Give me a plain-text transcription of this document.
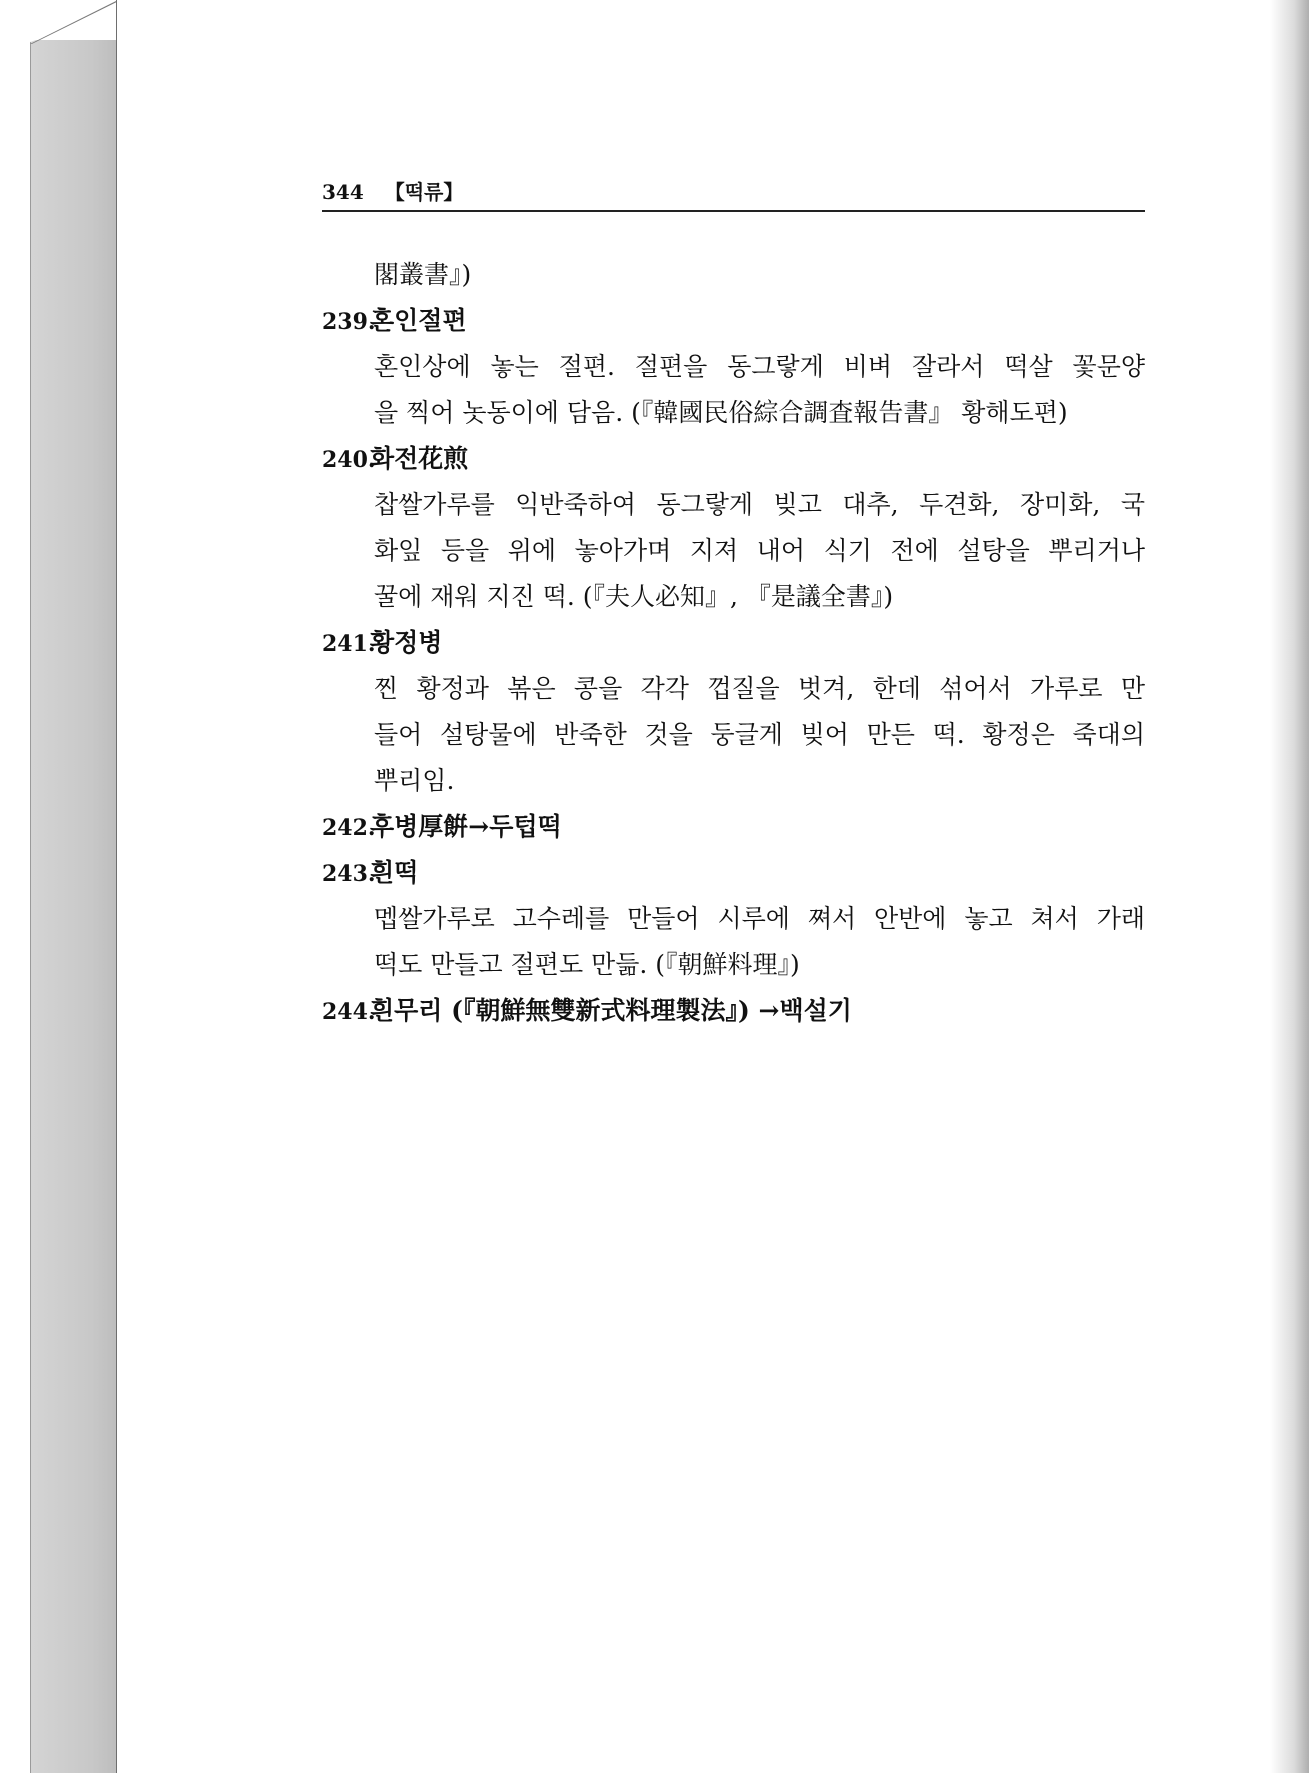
344 【떡류】
閣叢書』)
239.혼인절편
혼인상에 놓는 절편. 절편을 동그랗게 비벼 잘라서 떡살 꽃문양
을 찍어 놋동이에 담음. (『韓國民俗綜合調査報告書』 황해도편)
240.화전花煎
찹쌀가루를 익반죽하여 동그랗게 빚고 대추, 두견화, 장미화, 국
화잎 등을 위에 놓아가며 지져 내어 식기 전에 설탕을 뿌리거나
꿀에 재워 지진 떡. (『夫人必知』, 『是議全書』)
241.황정병
찐 황정과 볶은 콩을 각각 껍질을 벗겨, 한데 섞어서 가루로 만
들어 설탕물에 반죽한 것을 둥글게 빚어 만든 떡. 황정은 죽대의
뿌리임.
242.후병厚餠→두텁떡
243.흰떡
멥쌀가루로 고수레를 만들어 시루에 쪄서 안반에 놓고 쳐서 가래
떡도 만들고 절편도 만듦. (『朝鮮料理』)
244.흰무리 (『朝鮮無雙新式料理製法』) →백설기
